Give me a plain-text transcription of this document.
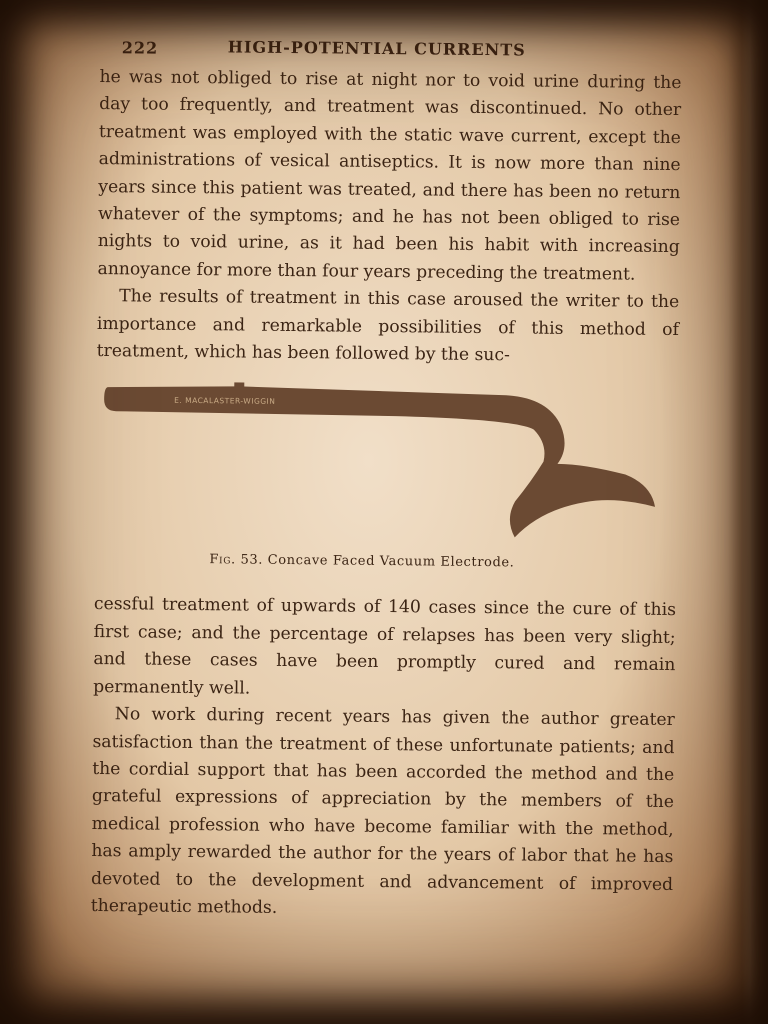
222	HIGH-POTENTIAL CURRENTS

he was not obliged to rise at night nor to void urine during the day too frequently, and treatment was discontinued. No other treatment was employed with the static wave current, except the administrations of vesical antiseptics. It is now more than nine years since this patient was treated, and there has been no return whatever of the symptoms; and he has not been obliged to rise nights to void urine, as it had been his habit with increasing annoyance for more than four years preceding the treatment.

The results of treatment in this case aroused the writer to the importance and remarkable possibilities of this method of treatment, which has been followed by the suc-

E. MACALASTER-WIGGIN
Fig. 53. Concave Faced Vacuum Electrode.

cessful treatment of upwards of 140 cases since the cure of this first case; and the percentage of relapses has been very slight; and these cases have been promptly cured and remain permanently well.

No work during recent years has given the author greater satisfaction than the treatment of these unfortunate patients; and the cordial support that has been accorded the method and the grateful expressions of appreciation by the members of the medical profession who have become familiar with the method, has amply rewarded the author for the years of labor that he has devoted to the development and advancement of improved therapeutic methods.
